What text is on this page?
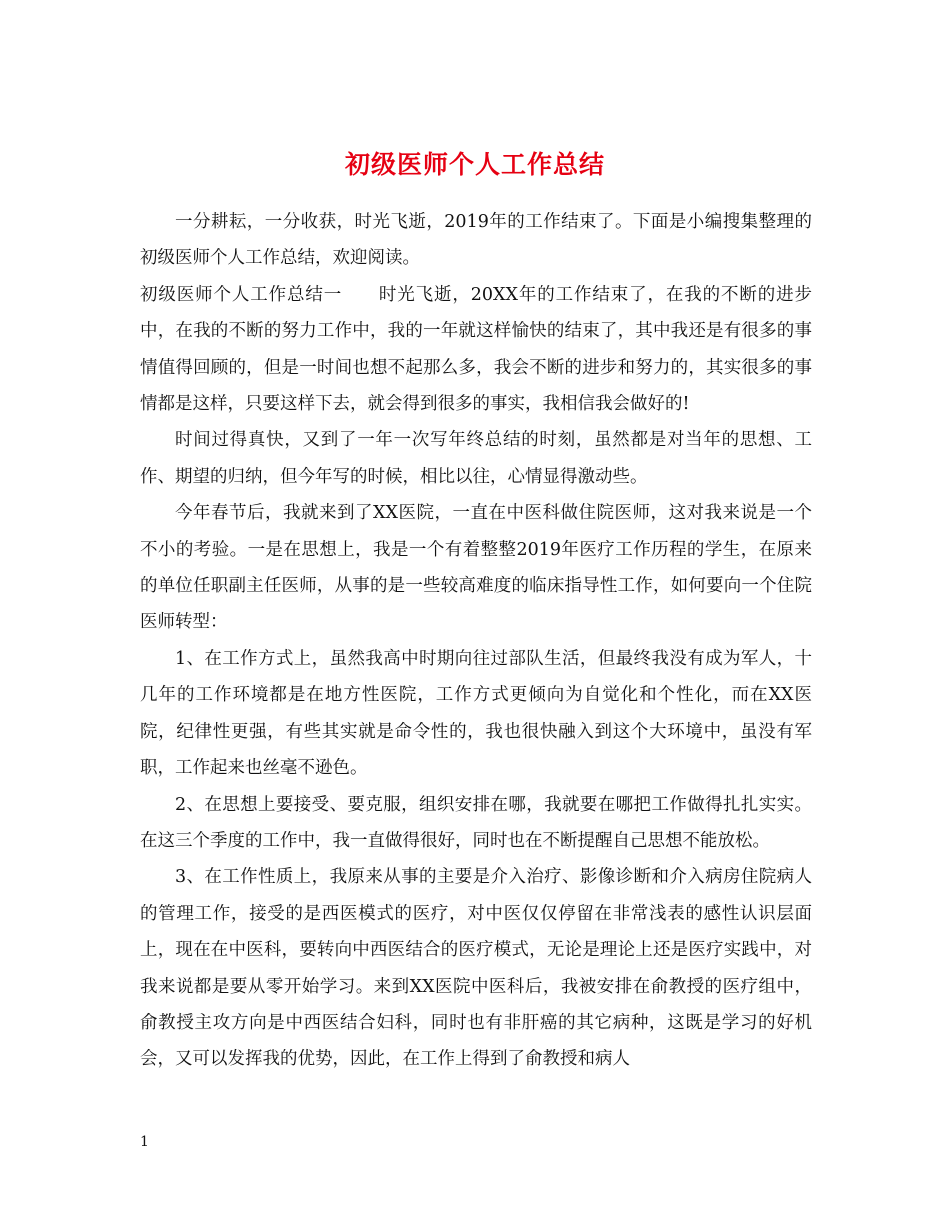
初级医师个人工作总结

一分耕耘，一分收获，时光飞逝，2019年的工作结束了。下面是小编搜集整理的初级医师个人工作总结，欢迎阅读。

初级医师个人工作总结一　　时光飞逝，20XX年的工作结束了，在我的不断的进步中，在我的不断的努力工作中，我的一年就这样愉快的结束了，其中我还是有很多的事情值得回顾的，但是一时间也想不起那么多，我会不断的进步和努力的，其实很多的事情都是这样，只要这样下去，就会得到很多的事实，我相信我会做好的!

时间过得真快，又到了一年一次写年终总结的时刻，虽然都是对当年的思想、工作、期望的归纳，但今年写的时候，相比以往，心情显得激动些。

今年春节后，我就来到了XX医院，一直在中医科做住院医师，这对我来说是一个不小的考验。一是在思想上，我是一个有着整整2019年医疗工作历程的学生，在原来的单位任职副主任医师，从事的是一些较高难度的临床指导性工作，如何要向一个住院医师转型：

1、在工作方式上，虽然我高中时期向往过部队生活，但最终我没有成为军人，十几年的工作环境都是在地方性医院，工作方式更倾向为自觉化和个性化，而在XX医院，纪律性更强，有些其实就是命令性的，我也很快融入到这个大环境中，虽没有军职，工作起来也丝毫不逊色。

2、在思想上要接受、要克服，组织安排在哪，我就要在哪把工作做得扎扎实实。在这三个季度的工作中，我一直做得很好，同时也在不断提醒自己思想不能放松。

3、在工作性质上，我原来从事的主要是介入治疗、影像诊断和介入病房住院病人的管理工作，接受的是西医模式的医疗，对中医仅仅停留在非常浅表的感性认识层面上，现在在中医科，要转向中西医结合的医疗模式，无论是理论上还是医疗实践中，对我来说都是要从零开始学习。来到XX医院中医科后，我被安排在俞教授的医疗组中，俞教授主攻方向是中西医结合妇科，同时也有非肝癌的其它病种，这既是学习的好机会，又可以发挥我的优势，因此，在工作上得到了俞教授和病人

1
